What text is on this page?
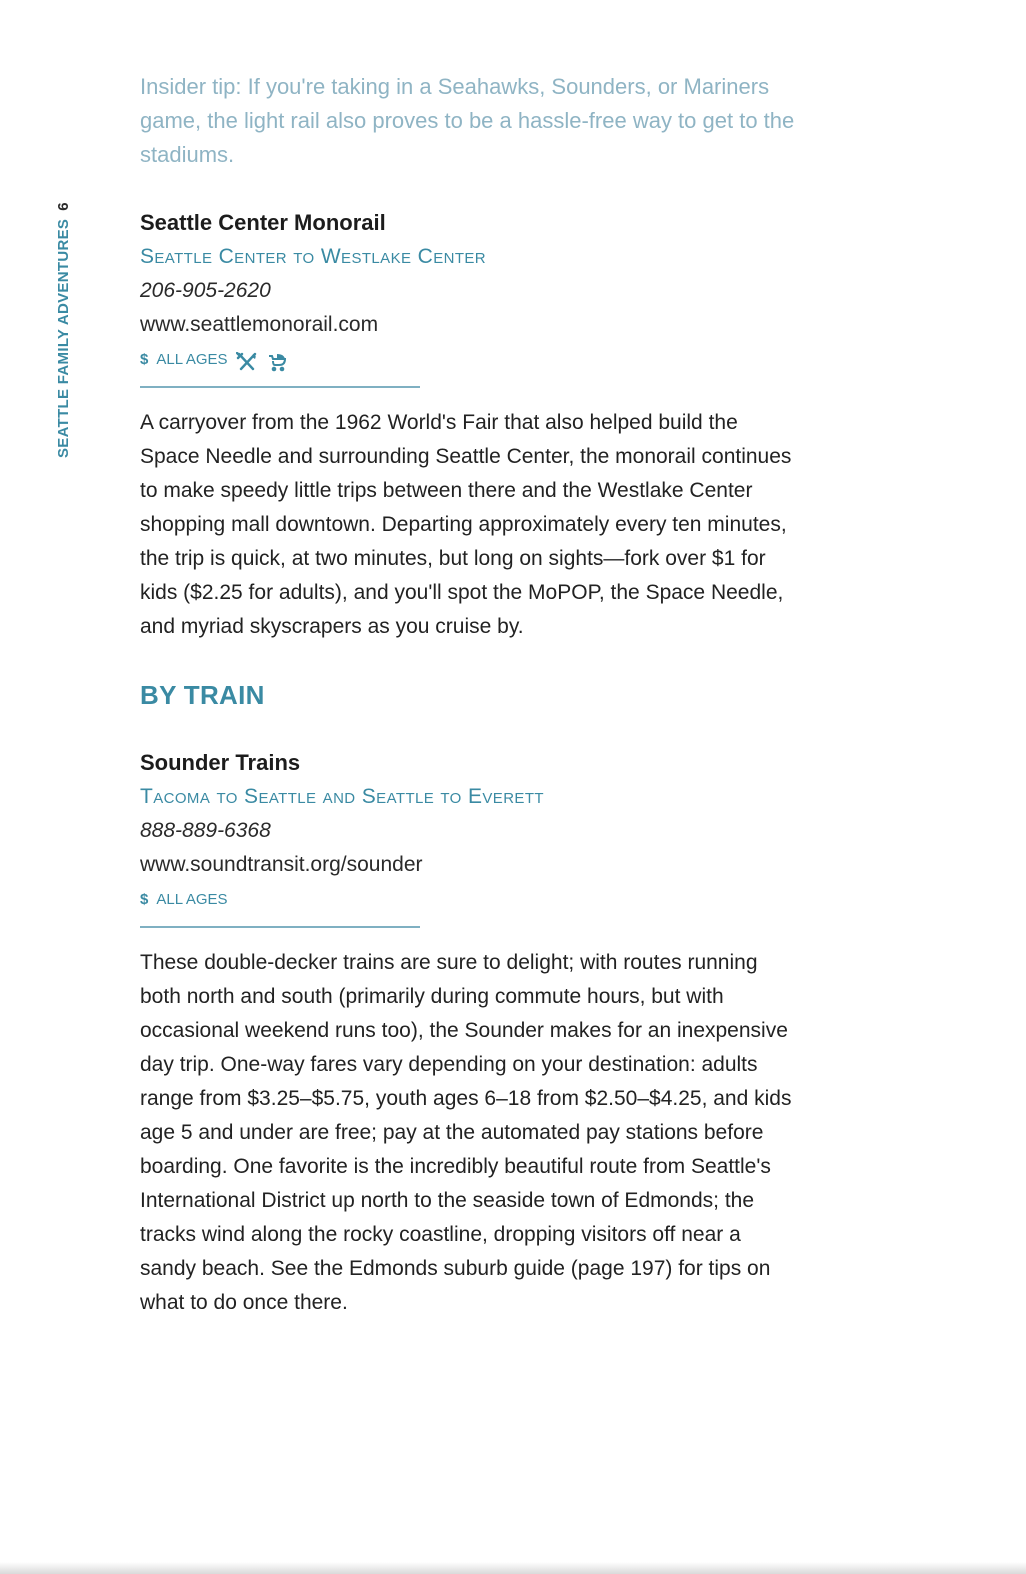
SEATTLE FAMILY ADVENTURES6

Insider tip: If you're taking in a Seahawks, Sounders, or Mariners game, the light rail also proves to be a hassle-free way to get to the stadiums.

Seattle Center Monorail

Seattle Center to Westlake Center

206-905-2620

www.seattlemonorail.com

$ ALL AGES

A carryover from the 1962 World's Fair that also helped build the Space Needle and surrounding Seattle Center, the monorail continues to make speedy little trips between there and the Westlake Center shopping mall downtown. Departing approximately every ten minutes, the trip is quick, at two minutes, but long on sights—fork over $1 for kids ($2.25 for adults), and you'll spot the MoPOP, the Space Needle, and myriad skyscrapers as you cruise by.

BY TRAIN

Sounder Trains

Tacoma to Seattle and Seattle to Everett

888-889-6368

www.soundtransit.org/sounder

$ ALL AGES

These double-decker trains are sure to delight; with routes running both north and south (primarily during commute hours, but with occasional weekend runs too), the Sounder makes for an inexpensive day trip. One-way fares vary depending on your destination: adults range from $3.25–$5.75, youth ages 6–18 from $2.50–$4.25, and kids age 5 and under are free; pay at the automated pay stations before boarding. One favorite is the incredibly beautiful route from Seattle's International District up north to the seaside town of Edmonds; the tracks wind along the rocky coastline, dropping visitors off near a sandy beach. See the Edmonds suburb guide (page 197) for tips on what to do once there.
